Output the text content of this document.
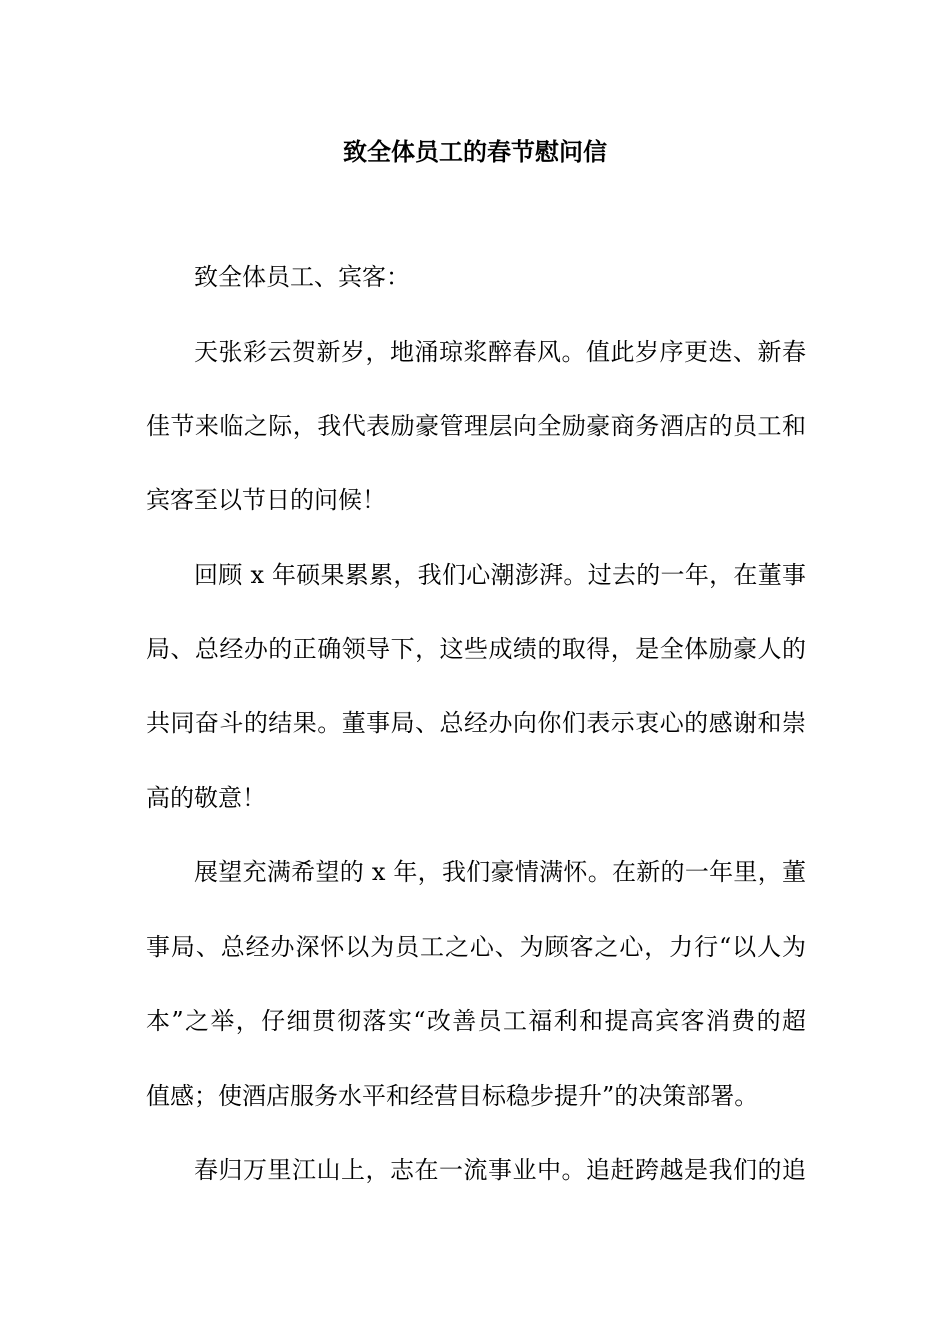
致全体员工的春节慰问信
致全体员工、宾客：
天张彩云贺新岁，地涌琼浆醉春风。值此岁序更迭、新春
佳节来临之际，我代表励豪管理层向全励豪商务酒店的员工和
宾客至以节日的问候！
回顾 x 年硕果累累，我们心潮澎湃。过去的一年，在董事
局、总经办的正确领导下，这些成绩的取得，是全体励豪人的
共同奋斗的结果。董事局、总经办向你们表示衷心的感谢和崇
高的敬意！
展望充满希望的 x 年，我们豪情满怀。在新的一年里，董
事局、总经办深怀以为员工之心、为顾客之心，力行“以人为
本”之举，仔细贯彻落实“改善员工福利和提高宾客消费的超
值感；使酒店服务水平和经营目标稳步提升”的决策部署。
春归万里江山上，志在一流事业中。追赶跨越是我们的追
